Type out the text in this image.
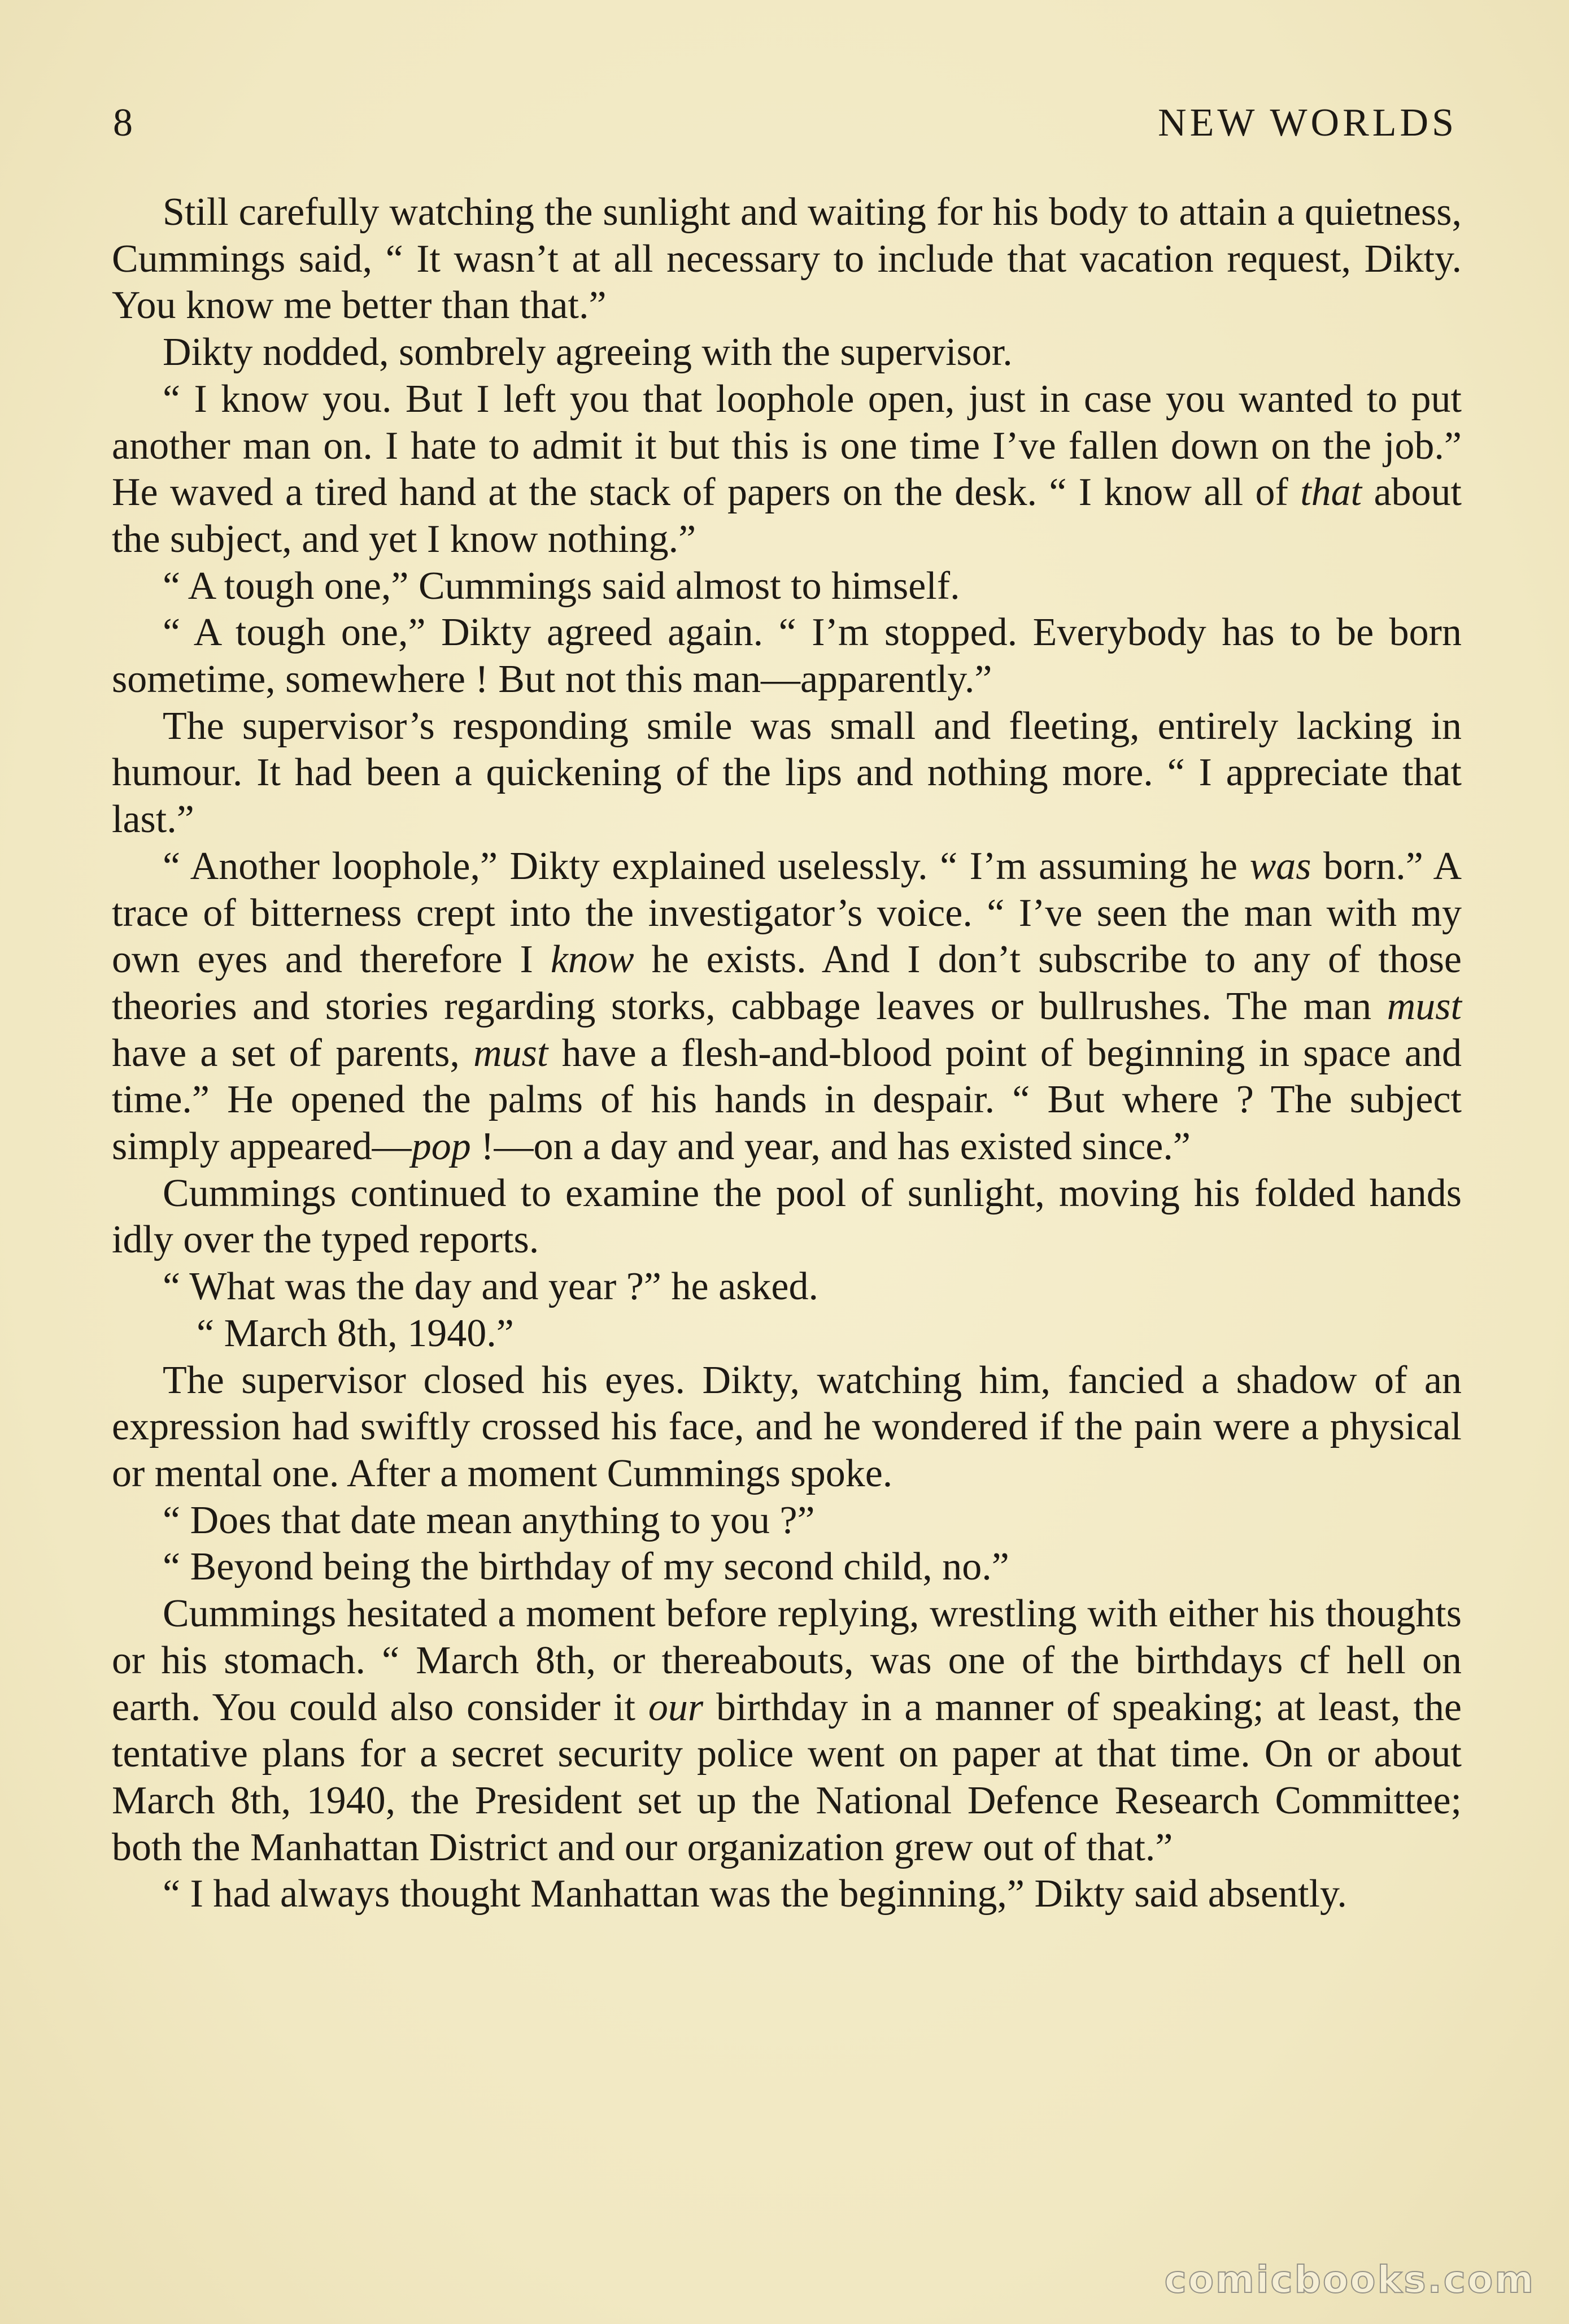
8	NEW WORLDS

Still carefully watching the sunlight and waiting for his body to attain a quietness, Cummings said, “ It wasn’t at all necessary to include that vacation request, Dikty. You know me better than that.”

Dikty nodded, sombrely agreeing with the supervisor.

“ I know you. But I left you that loophole open, just in case you wanted to put another man on. I hate to admit it but this is one time I’ve fallen down on the job.” He waved a tired hand at the stack of papers on the desk. “ I know all of that about the subject, and yet I know nothing.”

“ A tough one,” Cummings said almost to himself.

“ A tough one,” Dikty agreed again. “ I’m stopped. Everybody has to be born sometime, somewhere ! But not this man—apparently.”

The supervisor’s responding smile was small and fleeting, entirely lacking in humour. It had been a quickening of the lips and nothing more. “ I appreciate that last.”

“ Another loophole,” Dikty explained uselessly. “ I’m assuming he was born.” A trace of bitterness crept into the investigator’s voice. “ I’ve seen the man with my own eyes and therefore I know he exists. And I don’t subscribe to any of those theories and stories regarding storks, cabbage leaves or bullrushes. The man must have a set of parents, must have a flesh-and-blood point of beginning in space and time.” He opened the palms of his hands in despair. “ But where ? The subject simply appeared—pop !—on a day and year, and has existed since.”

Cummings continued to examine the pool of sunlight, moving his folded hands idly over the typed reports.

“ What was the day and year ?” he asked.

“ March 8th, 1940.”

The supervisor closed his eyes. Dikty, watching him, fancied a shadow of an expression had swiftly crossed his face, and he wondered if the pain were a physical or mental one. After a moment Cummings spoke.

“ Does that date mean anything to you ?”

“ Beyond being the birthday of my second child, no.”

Cummings hesitated a moment before replying, wrestling with either his thoughts or his stomach. “ March 8th, or thereabouts, was one of the birthdays cf hell on earth. You could also consider it our birthday in a manner of speaking; at least, the tentative plans for a secret security police went on paper at that time. On or about March 8th, 1940, the President set up the National Defence Research Committee; both the Manhattan District and our organization grew out of that.”

“ I had always thought Manhattan was the beginning,” Dikty said absently.

comicbooks.com
